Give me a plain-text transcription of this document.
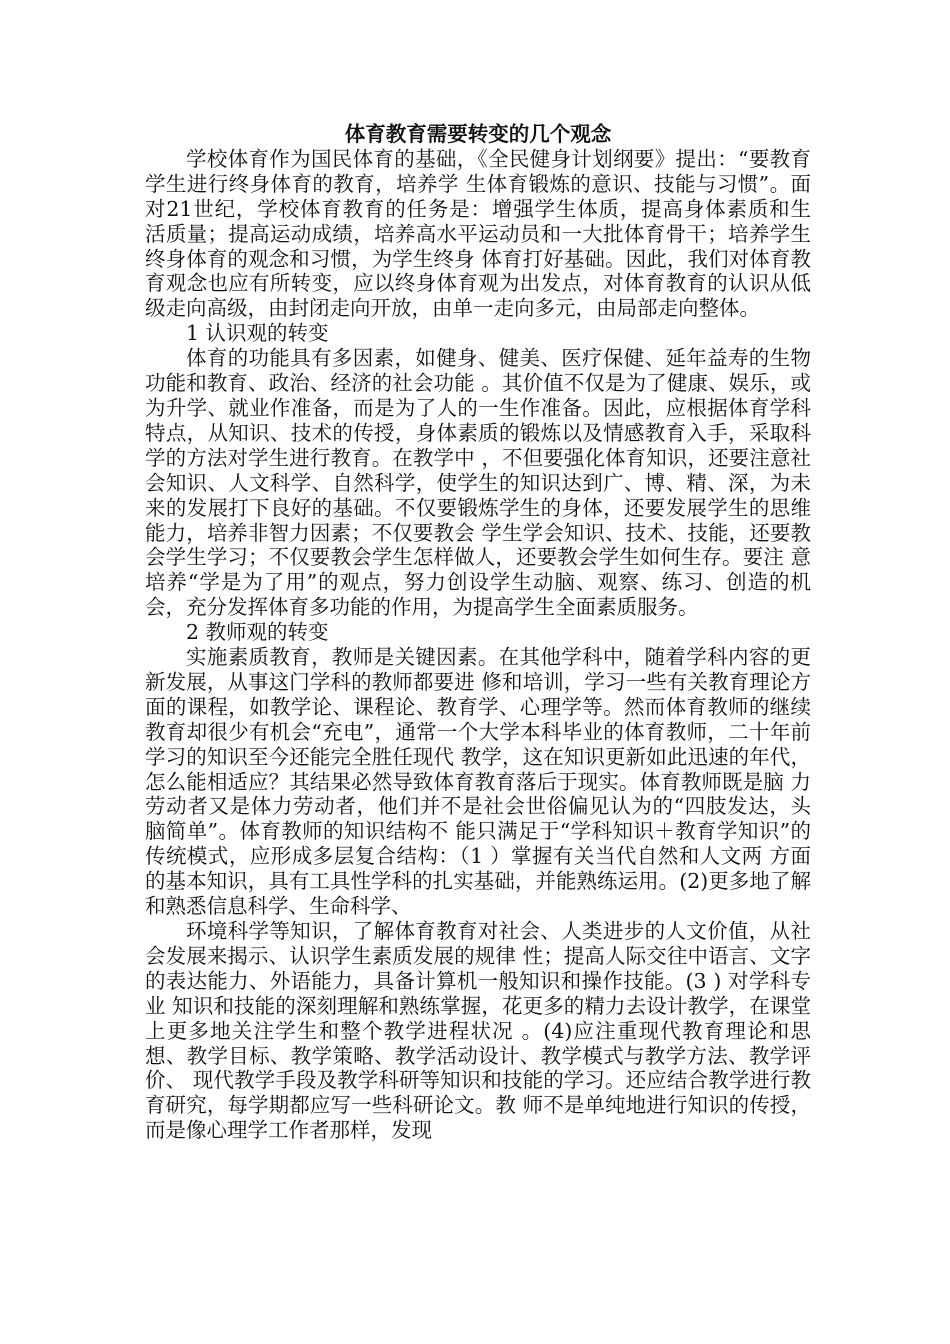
体育教育需要转变的几个观念

学校体育作为国民体育的基础，《全民健身计划纲要》提出：“要教育学生进行终身体育的教育，培养学 生体育锻炼的意识、技能与习惯”。面对21世纪，学校体育教育的任务是：增强学生体质，提高身体素质和生 活质量；提高运动成绩，培养高水平运动员和一大批体育骨干；培养学生终身体育的观念和习惯，为学生终身 体育打好基础。因此，我们对体育教育观念也应有所转变，应以终身体育观为出发点，对体育教育的认识从低 级走向高级，由封闭走向开放，由单一走向多元，由局部走向整体。

1 认识观的转变

体育的功能具有多因素，如健身、健美、医疗保健、延年益寿的生物功能和教育、政治、经济的社会功能 。其价值不仅是为了健康、娱乐，或为升学、就业作准备，而是为了人的一生作准备。因此，应根据体育学科 特点，从知识、技术的传授，身体素质的锻炼以及情感教育入手，采取科学的方法对学生进行教育。在教学中 ，不但要强化体育知识，还要注意社会知识、人文科学、自然科学，使学生的知识达到广、博、精、深，为未 来的发展打下良好的基础。不仅要锻炼学生的身体，还要发展学生的思维能力，培养非智力因素；不仅要教会 学生学会知识、技术、技能，还要教会学生学习；不仅要教会学生怎样做人，还要教会学生如何生存。要注 意培养“学是为了用”的观点，努力创设学生动脑、观察、练习、创造的机会，充分发挥体育多功能的作用，为提高学生全面素质服务。

2 教师观的转变

实施素质教育，教师是关键因素。在其他学科中，随着学科内容的更新发展，从事这门学科的教师都要进 修和培训，学习一些有关教育理论方面的课程，如教学论、课程论、教育学、心理学等。然而体育教师的继续 教育却很少有机会“充电”，通常一个大学本科毕业的体育教师，二十年前学习的知识至今还能完全胜任现代 教学，这在知识更新如此迅速的年代，怎么能相适应？其结果必然导致体育教育落后于现实。体育教师既是脑 力劳动者又是体力劳动者，他们并不是社会世俗偏见认为的“四肢发达，头脑简单”。体育教师的知识结构不 能只满足于“学科知识＋教育学知识”的传统模式，应形成多层复合结构：（1 ）掌握有关当代自然和人文两 方面的基本知识，具有工具性学科的扎实基础，并能熟练运用。(2)更多地了解和熟悉信息科学、生命科学、

环境科学等知识，了解体育教育对社会、人类进步的人文价值，从社会发展来揭示、认识学生素质发展的规律 性；提高人际交往中语言、文字的表达能力、外语能力，具备计算机一般知识和操作技能。(3 ) 对学科专业 知识和技能的深刻理解和熟练掌握，花更多的精力去设计教学，在课堂上更多地关注学生和整个教学进程状况 。(4)应注重现代教育理论和思想、教学目标、教学策略、教学活动设计、教学模式与教学方法、教学评价、 现代教学手段及教学科研等知识和技能的学习。还应结合教学进行教育研究，每学期都应写一些科研论文。教 师不是单纯地进行知识的传授，而是像心理学工作者那样，发现
